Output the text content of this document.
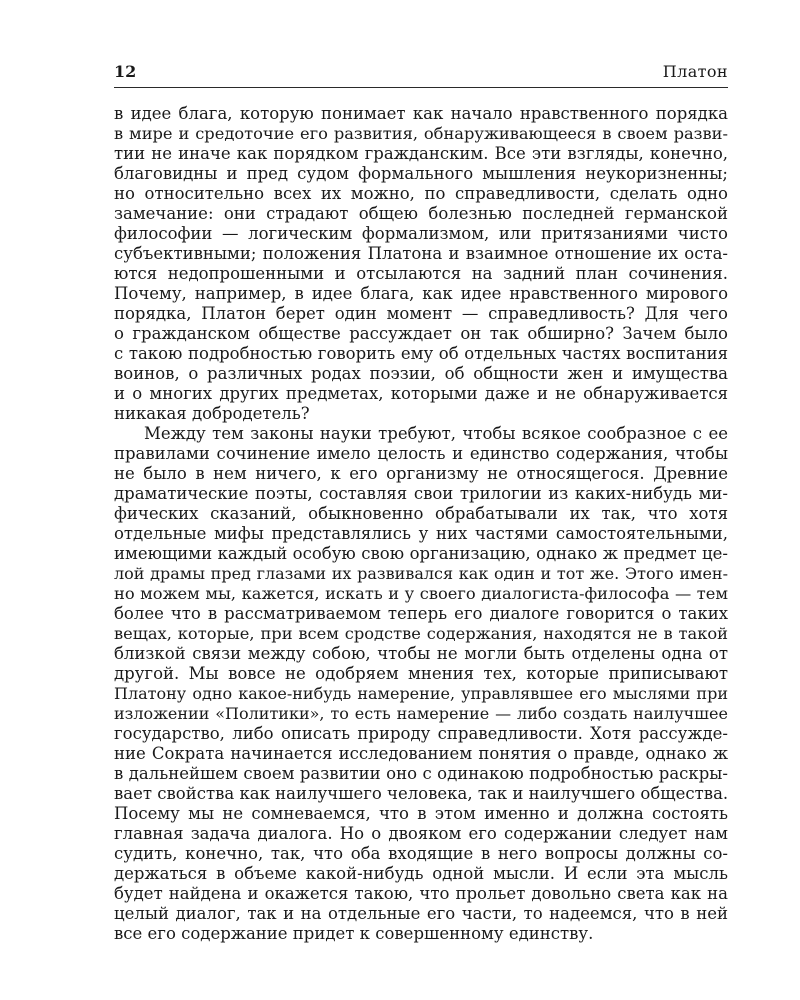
12	Платон
в идее блага, которую понимает как начало нравственного порядка
в мире и средоточие его развития, обнаруживающееся в своем разви-
тии не иначе как порядком гражданским. Все эти взгляды, конечно,
благовидны и пред судом формального мышления неукоризненны;
но относительно всех их можно, по справедливости, сделать одно
замечание: они страдают общею болезнью последней германской
философии — логическим формализмом, или притязаниями чисто
субъективными; положения Платона и взаимное отношение их оста-
ются недопрошенными и отсылаются на задний план сочинения.
Почему, например, в идее блага, как идее нравственного мирового
порядка, Платон берет один момент — справедливость? Для чего
о гражданском обществе рассуждает он так обширно? Зачем было
с такою подробностью говорить ему об отдельных частях воспитания
воинов, о различных родах поэзии, об общности жен и имущества
и о многих других предметах, которыми даже и не обнаруживается
никакая добродетель?
Между тем законы науки требуют, чтобы всякое сообразное с ее
правилами сочинение имело целость и единство содержания, чтобы
не было в нем ничего, к его организму не относящегося. Древние
драматические поэты, составляя свои трилогии из каких-нибудь ми-
фических сказаний, обыкновенно обрабатывали их так, что хотя
отдельные мифы представлялись у них частями самостоятельными,
имеющими каждый особую свою организацию, однако ж предмет це-
лой драмы пред глазами их развивался как один и тот же. Этого имен-
но можем мы, кажется, искать и у своего диалогиста-философа — тем
более что в рассматриваемом теперь его диалоге говорится о таких
вещах, которые, при всем сродстве содержания, находятся не в такой
близкой связи между собою, чтобы не могли быть отделены одна от
другой. Мы вовсе не одобряем мнения тех, которые приписывают
Платону одно какое-нибудь намерение, управлявшее его мыслями при
изложении «Политики», то есть намерение — либо создать наилучшее
государство, либо описать природу справедливости. Хотя рассужде-
ние Сократа начинается исследованием понятия о правде, однако ж
в дальнейшем своем развитии оно с одинакою подробностью раскры-
вает свойства как наилучшего человека, так и наилучшего общества.
Посему мы не сомневаемся, что в этом именно и должна состоять
главная задача диалога. Но о двояком его содержании следует нам
судить, конечно, так, что оба входящие в него вопросы должны со-
держаться в объеме какой-нибудь одной мысли. И если эта мысль
будет найдена и окажется такою, что прольет довольно света как на
целый диалог, так и на отдельные его части, то надеемся, что в ней
все его содержание придет к совершенному единству.
